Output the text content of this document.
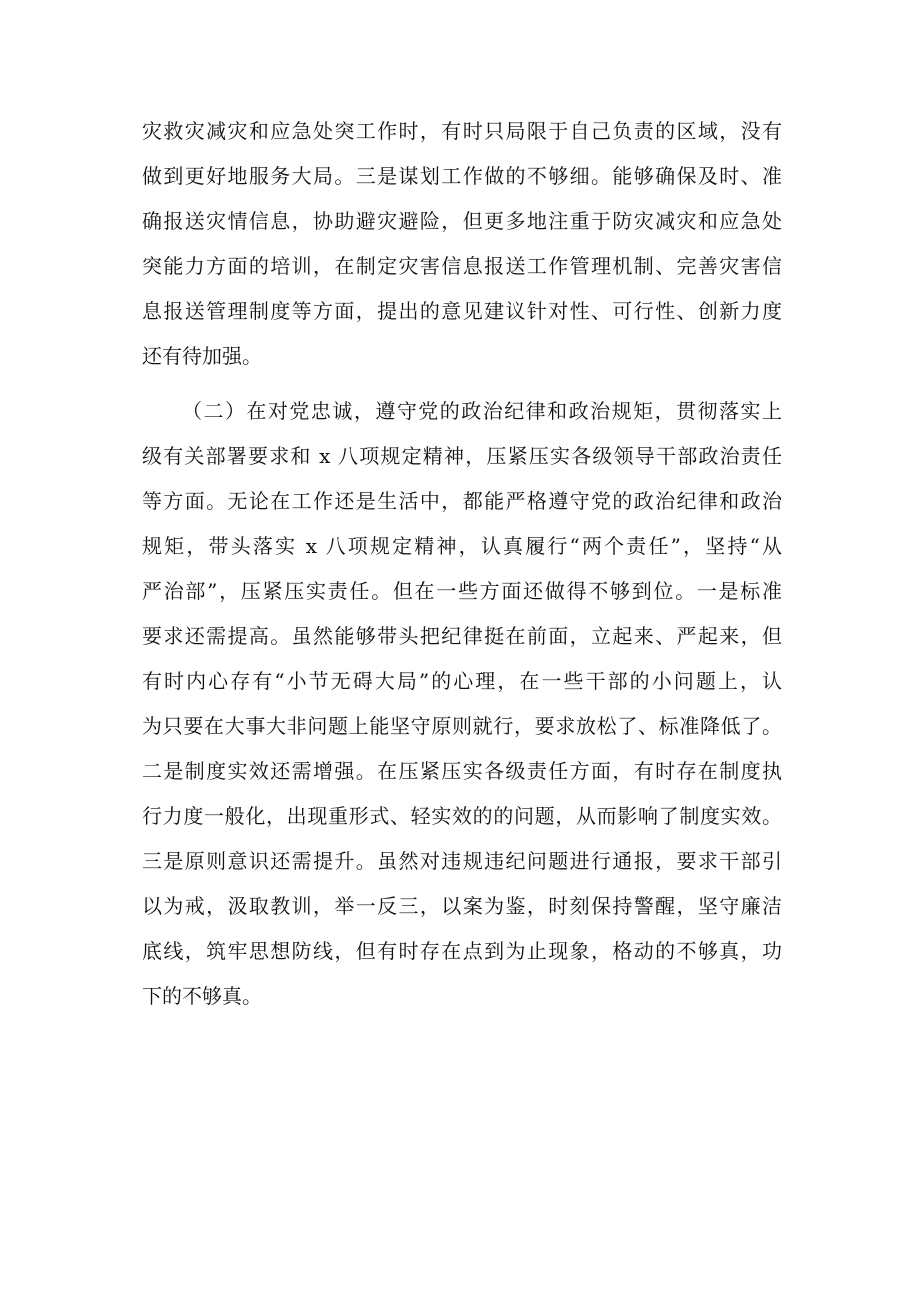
灾救灾减灾和应急处突工作时，有时只局限于自己负责的区域，没有
做到更好地服务大局。三是谋划工作做的不够细。能够确保及时、准
确报送灾情信息，协助避灾避险，但更多地注重于防灾减灾和应急处
突能力方面的培训，在制定灾害信息报送工作管理机制、完善灾害信
息报送管理制度等方面，提出的意见建议针对性、可行性、创新力度
还有待加强。
（二）在对党忠诚，遵守党的政治纪律和政治规矩，贯彻落实上
级有关部署要求和 x 八项规定精神，压紧压实各级领导干部政治责任
等方面。无论在工作还是生活中，都能严格遵守党的政治纪律和政治
规矩，带头落实 x 八项规定精神，认真履行“两个责任”，坚持“从
严治部”，压紧压实责任。但在一些方面还做得不够到位。一是标准
要求还需提高。虽然能够带头把纪律挺在前面，立起来、严起来，但
有时内心存有“小节无碍大局”的心理，在一些干部的小问题上，认
为只要在大事大非问题上能坚守原则就行，要求放松了、标准降低了。
二是制度实效还需增强。在压紧压实各级责任方面，有时存在制度执
行力度一般化，出现重形式、轻实效的的问题，从而影响了制度实效。
三是原则意识还需提升。虽然对违规违纪问题进行通报，要求干部引
以为戒，汲取教训，举一反三，以案为鉴，时刻保持警醒，坚守廉洁
底线，筑牢思想防线，但有时存在点到为止现象，格动的不够真，功
下的不够真。
